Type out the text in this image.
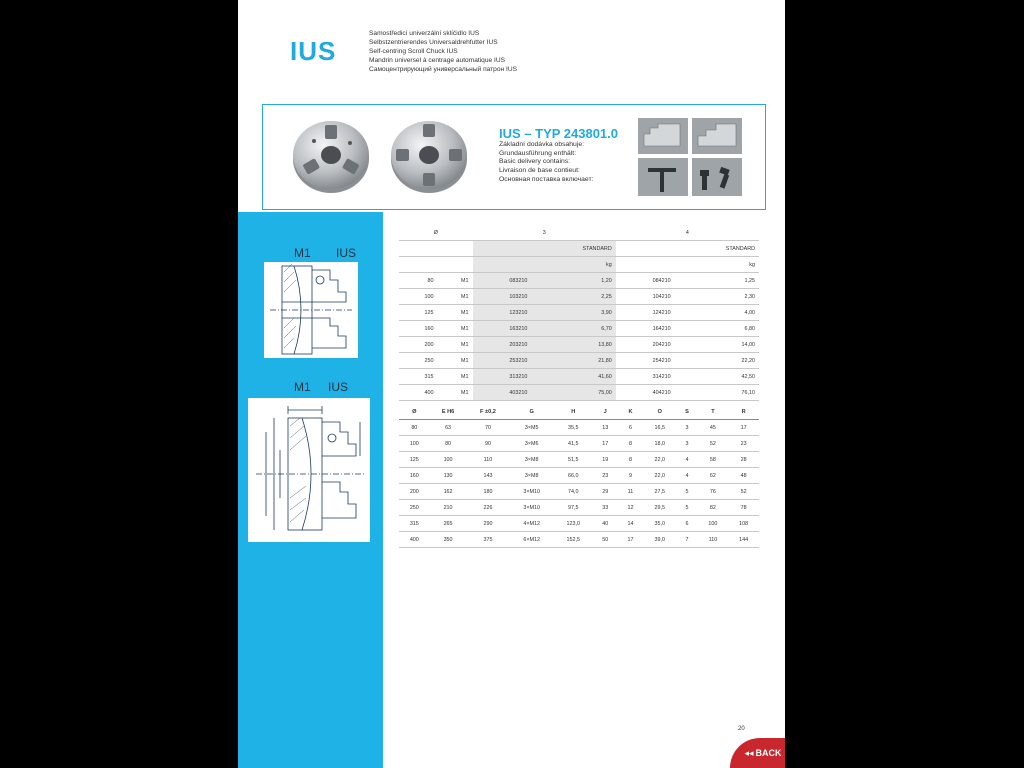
IUS
Samostředicí univerzální sklíčidlo IUS
Selbstzentrierendes Universaldrehfutter IUS
Self-centring Scroll Chuck IUS
Mandrin universel à centrage automatique IUS
Самоцентрирующий универсальный патрон IUS
IUS – TYP 243801.0
Základní dodávka obsahuje:
Grundausführung enthält:
Basic delivery contains:
Livraison de base contieut:
Основная поставка включает:
M1 IUS
M1 IUS
Ø		3		4	
			STANDARD		STANDARD
			kg		kg
80	M1	083210	1,20	084210	1,25
100	M1	103210	2,25	104210	2,30
125	M1	123210	3,90	124210	4,00
160	M1	163210	6,70	164210	6,80
200	M1	203210	13,80	204210	14,00
250	M1	253210	21,80	254210	22,20
315	M1	313210	41,60	314210	42,50
400	M1	403210	75,00	404210	76,10
Ø	E H6	F ±0,2	G	H	J	K	O	S	T	R
80	63	70	3×M5	35,5	13	6	16,5	3	45	17
100	80	90	3×M6	41,5	17	8	18,0	3	52	23
125	100	110	3×M8	51,5	19	8	22,0	4	58	28
160	130	143	3×M8	66,0	23	9	22,0	4	62	48
200	162	180	3×M10	74,0	29	11	27,5	5	76	52
250	210	226	3×M10	97,5	33	12	29,5	5	82	78
315	265	290	4×M12	123,0	40	14	35,0	6	100	108
400	350	375	6×M12	152,5	50	17	39,0	7	110	144
20
◂◂ BACK
